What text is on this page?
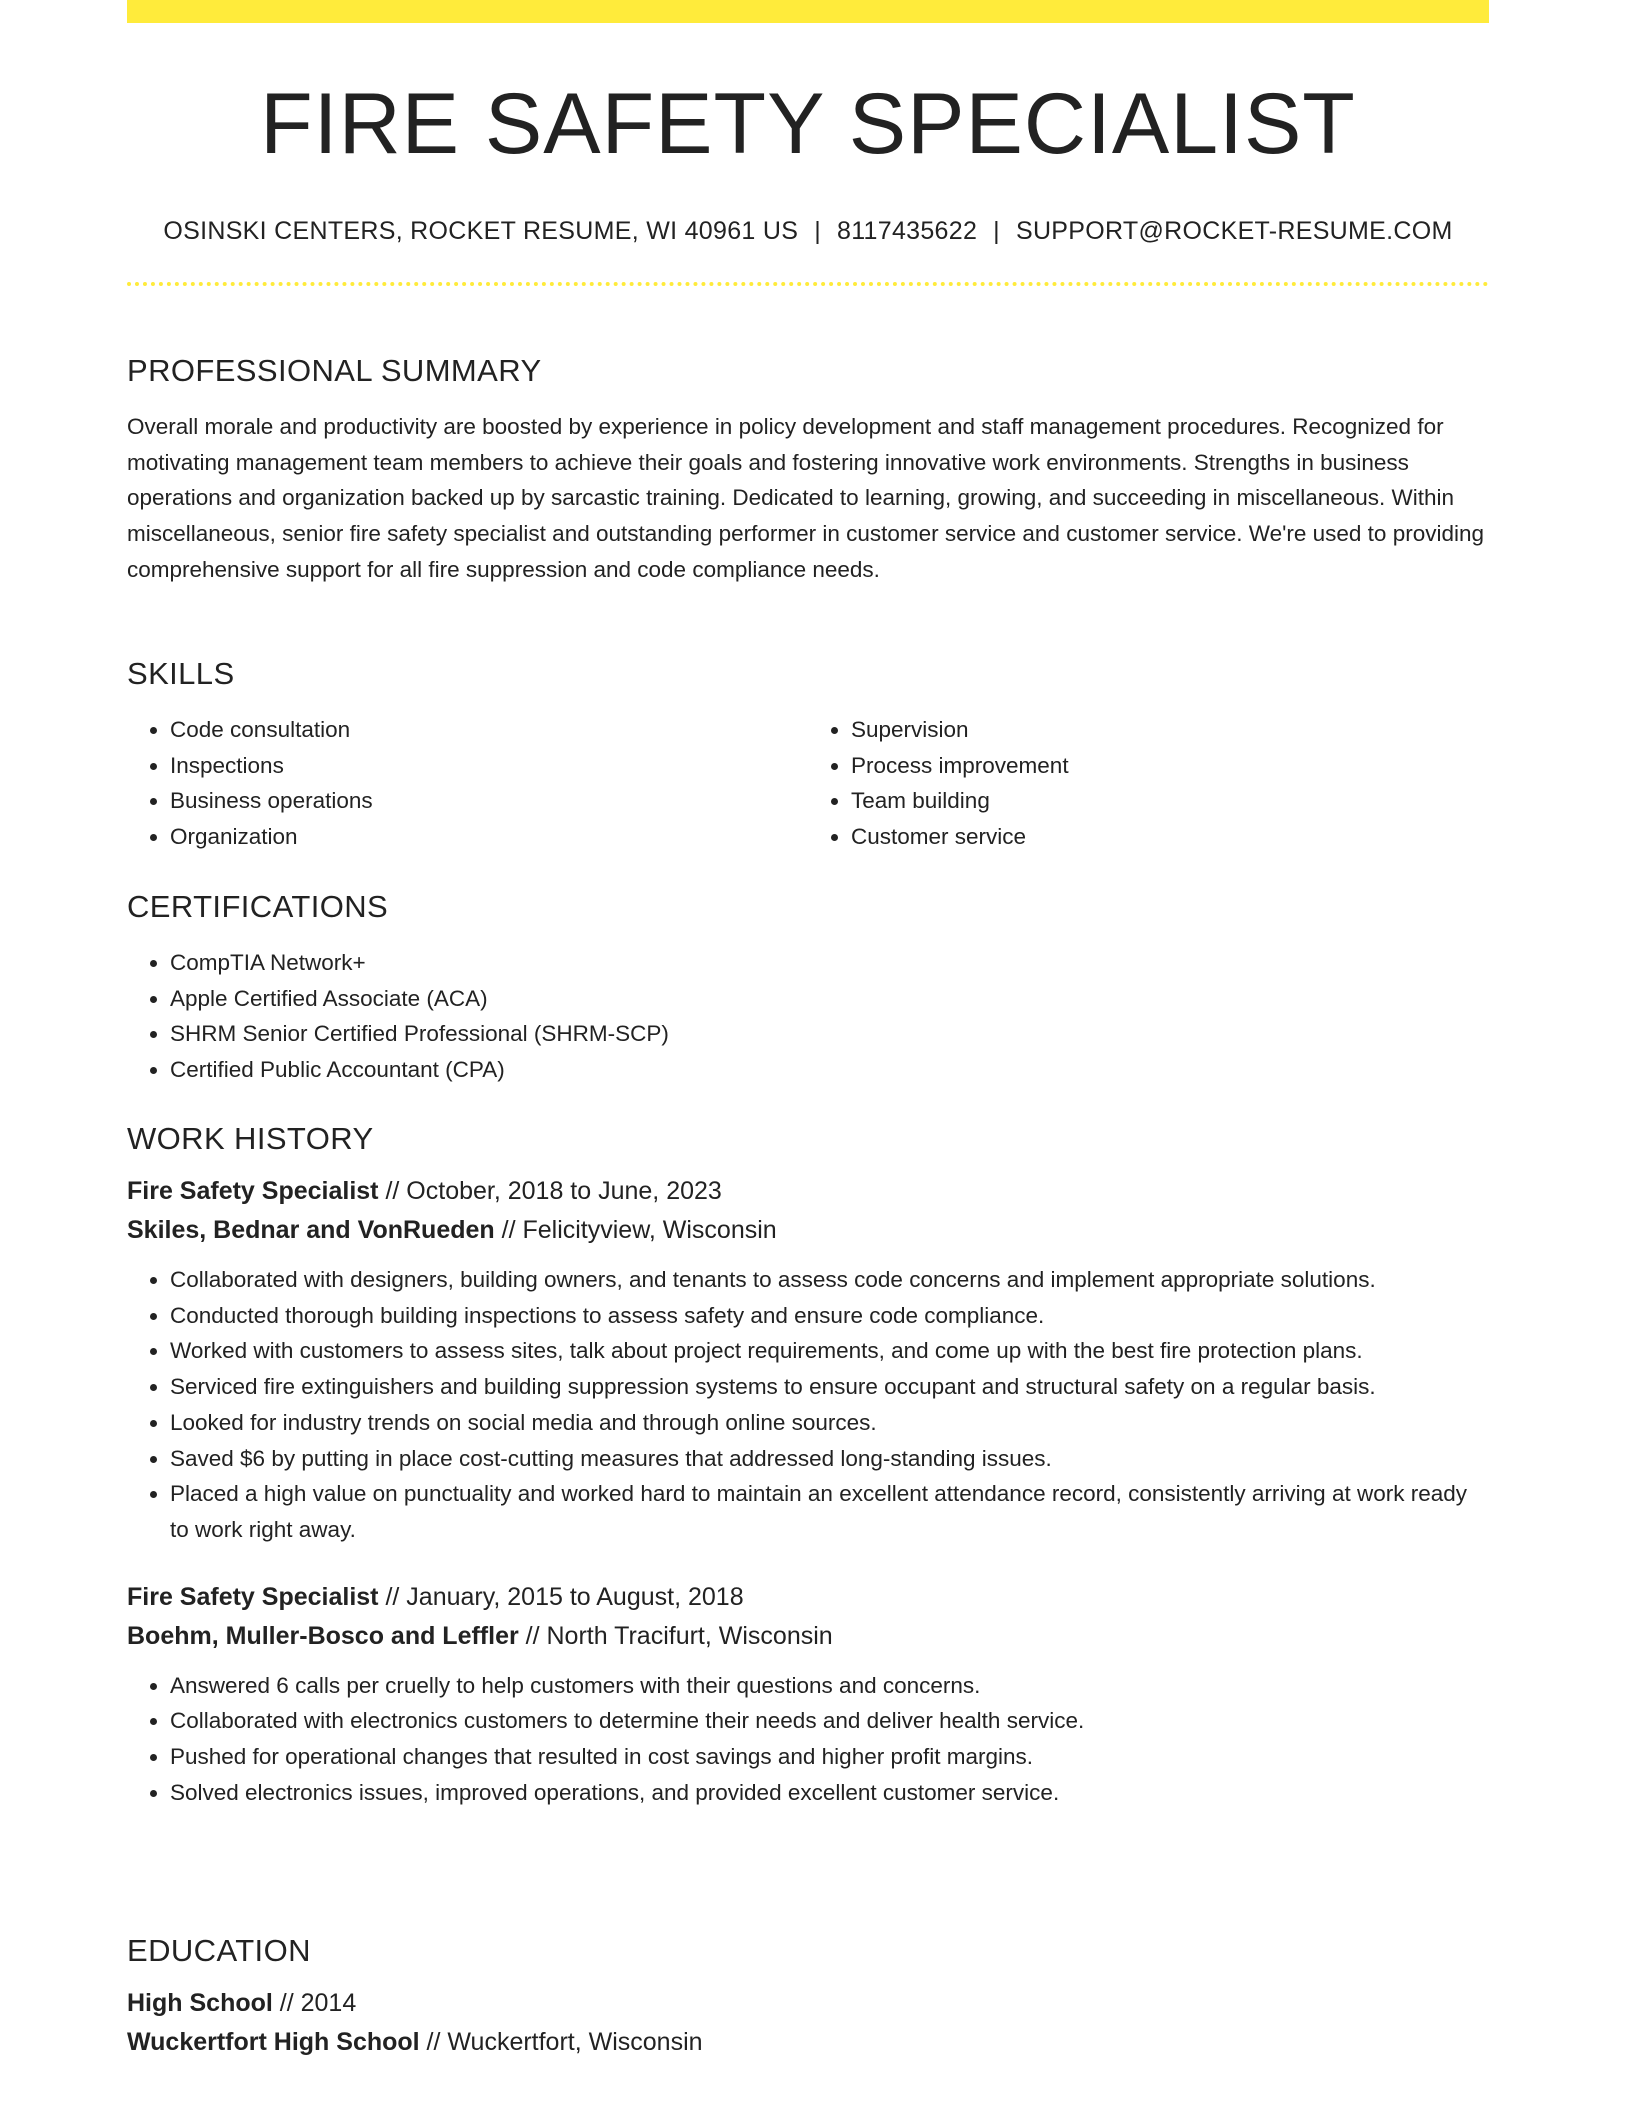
FIRE SAFETY SPECIALIST
OSINSKI CENTERS, ROCKET RESUME, WI 40961 US | 8117435622 | SUPPORT@ROCKET-RESUME.COM
PROFESSIONAL SUMMARY

Overall morale and productivity are boosted by experience in policy development and staff management procedures. Recognized for motivating management team members to achieve their goals and fostering innovative work environments. Strengths in business operations and organization backed up by sarcastic training. Dedicated to learning, growing, and succeeding in miscellaneous. Within miscellaneous, senior fire safety specialist and outstanding performer in customer service and customer service. We're used to providing comprehensive support for all fire suppression and code compliance needs.

SKILLS
• Code consultation
• Inspections
• Business operations
• Organization
• Supervision
• Process improvement
• Team building
• Customer service
CERTIFICATIONS
• CompTIA Network+
• Apple Certified Associate (ACA)
• SHRM Senior Certified Professional (SHRM-SCP)
• Certified Public Accountant (CPA)
WORK HISTORY

Fire Safety Specialist // October, 2018 to June, 2023

Skiles, Bednar and VonRueden // Felicityview, Wisconsin

• Collaborated with designers, building owners, and tenants to assess code concerns and implement appropriate solutions.
• Conducted thorough building inspections to assess safety and ensure code compliance.
• Worked with customers to assess sites, talk about project requirements, and come up with the best fire protection plans.
• Serviced fire extinguishers and building suppression systems to ensure occupant and structural safety on a regular basis.
• Looked for industry trends on social media and through online sources.
• Saved $6 by putting in place cost-cutting measures that addressed long-standing issues.
• Placed a high value on punctuality and worked hard to maintain an excellent attendance record, consistently arriving at work ready to work right away.

Fire Safety Specialist // January, 2015 to August, 2018

Boehm, Muller-Bosco and Leffler // North Tracifurt, Wisconsin

• Answered 6 calls per cruelly to help customers with their questions and concerns.
• Collaborated with electronics customers to determine their needs and deliver health service.
• Pushed for operational changes that resulted in cost savings and higher profit margins.
• Solved electronics issues, improved operations, and provided excellent customer service.
EDUCATION

High School // 2014

Wuckertfort High School // Wuckertfort, Wisconsin
